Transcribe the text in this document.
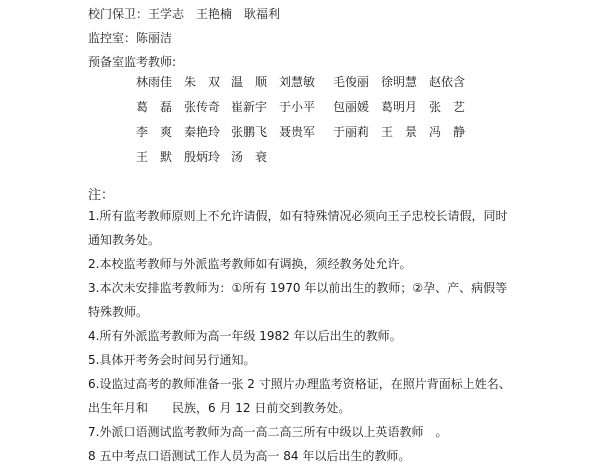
校门保卫：王学志　王艳楠　耿福利
监控室：陈丽洁
预备室监考教师:
林雨佳 朱　双 温　顺 刘慧敏 毛俊丽 徐明慧 赵依含
葛　磊 张传奇 崔新宇 于小平 包丽媛 葛明月 张　艺
李　爽 秦艳玲 张鹏飞 聂贵军 于丽莉 王　景 冯　静
王　默 殷炳玲 汤　衰
注：
1.所有监考教师原则上不允许请假，如有特殊情况必须向王子忠校长请假，同时
通知教务处。
2.本校监考教师与外派监考教师如有调换，须经教务处允许。
3.本次未安排监考教师为：①所有 1970 年以前出生的教师；②孕、产、病假等
特殊教师。
4.所有外派监考教师为高一年级 1982 年以后出生的教师。
5.具体开考务会时间另行通知。
6.设监过高考的教师准备一张 2 寸照片办理监考资格证，在照片背面标上姓名、
出生年月和　　民族，6 月 12 日前交到教务处。
7.外派口语测试监考教师为高一高二高三所有中级以上英语教师　。
8 五中考点口语测试工作人员为高一 84 年以后出生的教师。
